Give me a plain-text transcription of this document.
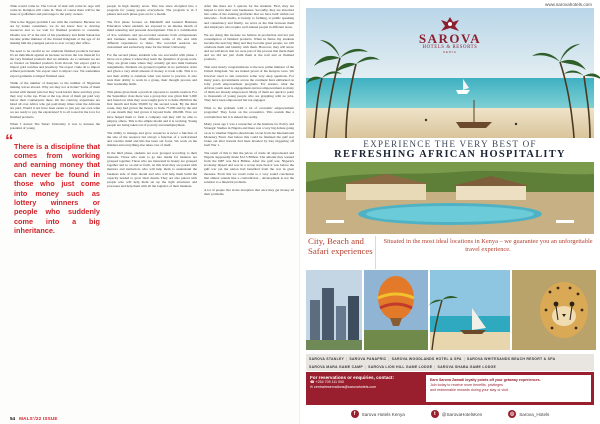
Tithe would come in. The Colour of skin will come in. Age will come in. Religion will come in. Then of course there will be the issue of godfathers and patronage to the party owners.

This is the biggest problem I see with the continent. Because we are by nature consumers, we do not know how to develop resources and so we wait for finished products to consume. Obama was 47 at the start of his presidency and Kishi Sanak has become prime minister of the United Kingdom at the age of 42 making him the youngest person to ever occupy that office.

We need to be careful as we celebrate finished products because it's an indictment against us because we have the raw material for the very finished products that we emulate. As a continent we are so fixated on finished products from abroad. We export gold to import gold watches and jewellery. We export crude oil to import refined petroleum. We export steel to import cars. We sometimes export garments to import finished ones.

Think of the number of Kenyans or the number of Nigerians making waves abroad. Why are they not at home? Some of them started with menial jobs but they work harder there and they grow they way to the top. Even at the top, most of them get paid way below their counterparts there. On the contrary, expatriates are hired all over Africa who get paid many times what the Africans are paid. Would it not have been easier to just pay our own what we are ready to pay the expatriates? It is all rooted in the love for finished products.

When I started The Smart University it was to harness the potential of young

“ There is a discipline that comes from working and earning money that can never be found in those who just come into money such as lottery winners or people who suddenly come into a big inheritance.

people in high density areas. This has since morphed into a program for young people everywhere. The program is in 3 phases and each phase goes on for a month.

The first phase focuses on Mindshift and General Business Education where students are exposed to an intense month of mind renewing and personal development. This is a combination of live webinars and pre-recorded sessions from entrepreneurs and business leaders from different walks of life and with different experiences to share. The recorded sessions are customised and exclusively done for the Smart University.

For the second phase, students who are successful with phase 1 move on to phase 2 where they learn the dynamics of group work. They are given tasks where they actually get into mini business assignments. Students are grouped together in no particular order and given a very small amount of money to trade with. This is to test their ability to translate what was learnt to practice. It also tests their ability to work in a group, their thought process and their leadership skills.

This phase gives them a practical exposure to wealth creation. For the September class there was a group that was given Ksh 5,000 and found out what they were taught grew it to Kshs 28,000 in the first month and Kshs 58,000 by the second week. By the third week, they had grown the money to Kshs 77,000 and by the end of one month they had grown it beyond Kshs 100,000. Now we have helped them to form a company and they will be able to employ others. This is the simple model and it is working. Young people are being taken out of poverty and unemployment.

The ability to manage and grow resources is never a function of the size of the resource but always a function of a well-trained and creative mind and this has been our focus. We work on the mindset and everything else takes care of itself.

In the third phase, students are now grouped according to their interests. Those who want to go into media for instance are grouped together. Those who are interested in beauty are grouped together and so on and so forth. At this level they are paired with mentors and instructors who will help them to understand the business side of their dream and who will help them build the capacity needed to grow their dream. They are also paired with people who will help them set up the right structures and processes and help them with all the logistics of their business.

After this there are 3 options for the students. First, they are helped to start their own businesses. Secondly, they are absorbed into some of the existing platforms that we have built within our networks - from media, to beauty, to farming, to public speaking and consultancy and finally, we serve as the link between them and employers who require well-trained people in different areas.

We are doing this because we believe in production and not just consumption of finished products. When in future my students become the next big thing and they become great people, we will celebrate them and identity with them. However, they will know and we will know that we were part of the process that made them and we did not just claim them at the trail end as finished products.

That said, hearty congratulations to the new prime minister of the United Kingdom. We are indeed proud of his Kenyan roots. We however need to ask ourselves some very deep questions. For many years, governments across the continent have embarked on lofty youth empowerment programs. For starters, what the African youth need is engagement and not empowerment as many of them are already empowered. Many of them are quick to point to thousands of young people who are grappling with no jobs. They have been empowered but not engaged.

What is the problem with a lot of economic empowerment programs? They focus on the economics. This sounds like a contradiction but it is indeed the reality.

Many years ago I was a researcher at the Institute for Policy and Strategic Studies in Nigeria and there was a very big debate going on as to whether Nigeria should take a loan from the International Monetary Fund. Just before this could be finalised the gulf war broke out after Kuwait had been invaded by Iraq triggering off Gulf War 1.

The result of this is that the prices of crude oil skyrocketed and Nigeria supposedly made $12.5 Billion. The amount they wanted from the IMF was $2.4 Billion. After the gulf war, Nigeria's economy dipped and was in a worse state than it was before the gulf war yet the nation had benefited from the war in great measure. From this we could come to a very sound conclusion that almost sounds like a contradiction - development is not the solution to a financial problem.

A lot of people live in the deception that once they get money all their problems

54 MALS’/22 ISSUE
www.sarovahotels.com
SAROVA
HOTELS & RESORTS
KENYA
EXPERIENCE THE VERY BEST OF
REFRESHING AFRICAN HOSPITALITY
City, Beach and Safari experiences
Situated in the most ideal locations in Kenya – we guarantee you an unforgettable travel experience.
SAROVA STANLEY | SAROVA PANAFRIC | SAROVA WOODLANDS HOTEL & SPA | SAROVA WHITESANDS BEACH RESORT & SPA
SAROVA MARA GAME CAMP | SAROVA LION HILL GAME LODGE | SAROVA SHABA GAME LODGE
For reservations or enquiries, contact:
☎ +254 709 111 000
✉ centralreservations@sarovahotels.com
Earn Sarova Zawadi loyalty points off your getaway experiences.
Join today to receive more benefits, privileges
and redeemable rewards during your stay or visit.
f	Sarova Hotels Kenya	t	@SarovaHotelsKen	◎	Sarova_Hotels
